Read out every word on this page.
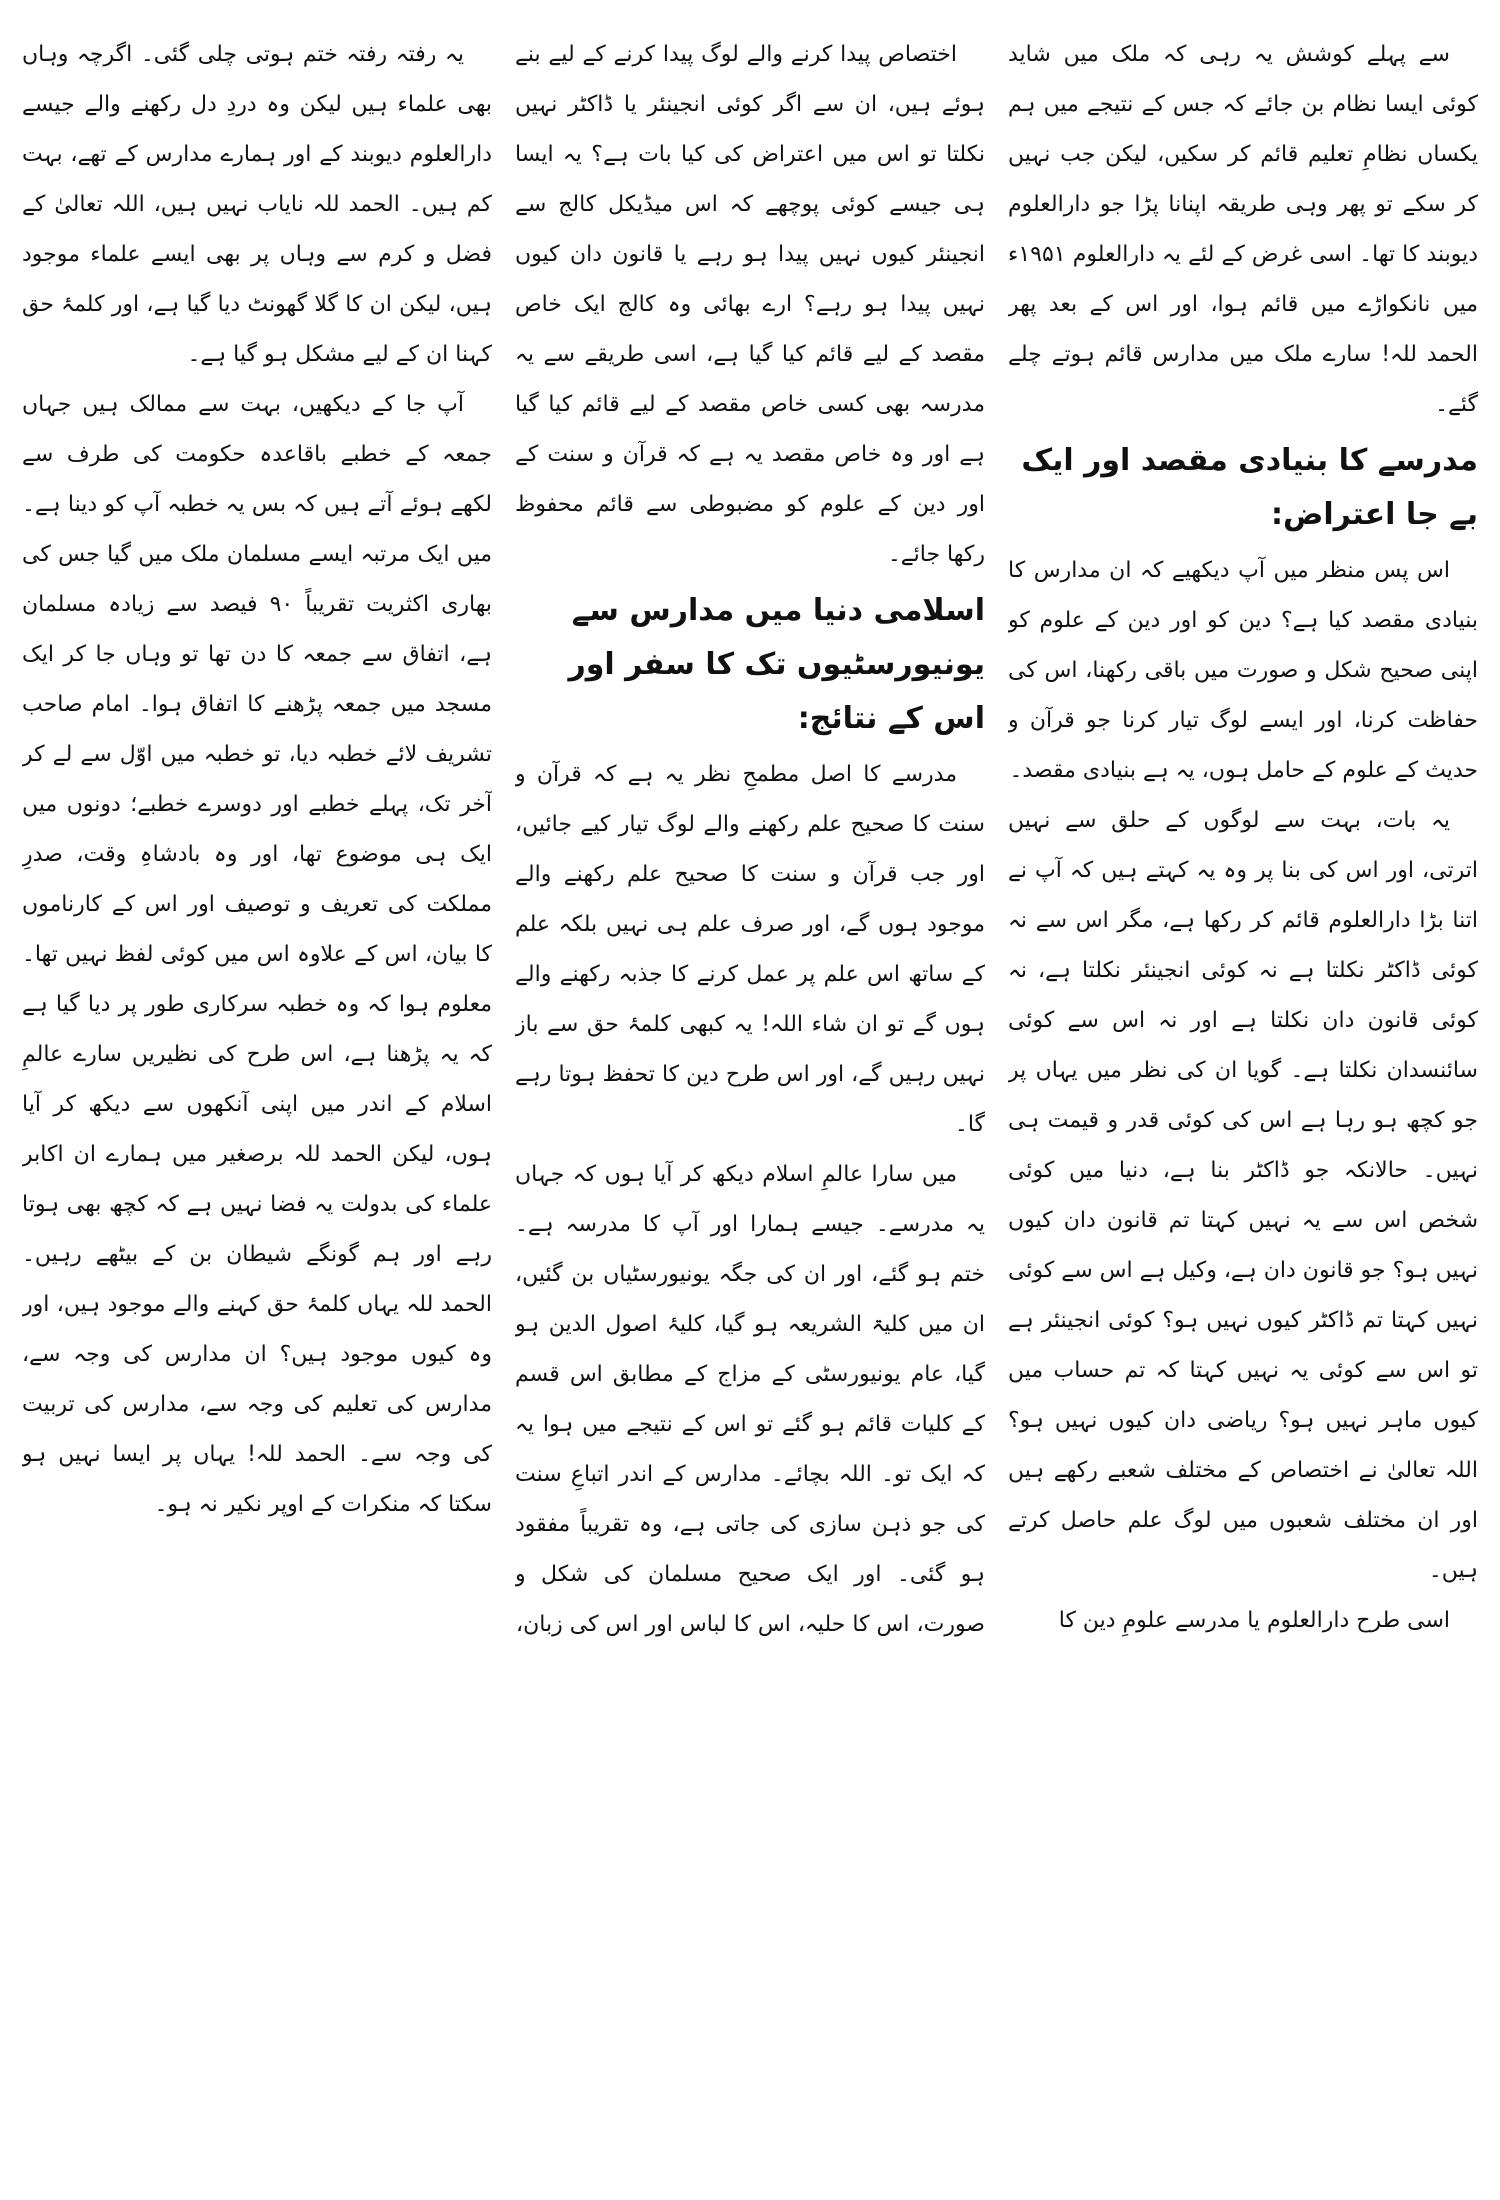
سے پہلے کوشش یہ رہی کہ ملک میں شاید کوئی ایسا نظام بن جائے کہ جس کے نتیجے میں ہم یکساں نظامِ تعلیم قائم کر سکیں، لیکن جب نہیں کر سکے تو پھر وہی طریقہ اپنانا پڑا جو دارالعلوم دیوبند کا تھا۔ اسی غرض کے لئے یہ دارالعلوم ۱۹۵۱ء میں نانکواڑے میں قائم ہوا، اور اس کے بعد پھر الحمد للہ! سارے ملک میں مدارس قائم ہوتے چلے گئے۔

مدرسے کا بنیادی مقصد اور ایک بے جا اعتراض:

اس پس منظر میں آپ دیکھیے کہ ان مدارس کا بنیادی مقصد کیا ہے؟ دین کو اور دین کے علوم کو اپنی صحیح شکل و صورت میں باقی رکھنا، اس کی حفاظت کرنا، اور ایسے لوگ تیار کرنا جو قرآن و حدیث کے علوم کے حامل ہوں، یہ ہے بنیادی مقصد۔

یہ بات، بہت سے لوگوں کے حلق سے نہیں اترتی، اور اس کی بنا پر وہ یہ کہتے ہیں کہ آپ نے اتنا بڑا دارالعلوم قائم کر رکھا ہے، مگر اس سے نہ کوئی ڈاکٹر نکلتا ہے نہ کوئی انجینئر نکلتا ہے، نہ کوئی قانون دان نکلتا ہے اور نہ اس سے کوئی سائنسدان نکلتا ہے۔ گویا ان کی نظر میں یہاں پر جو کچھ ہو رہا ہے اس کی کوئی قدر و قیمت ہی نہیں۔ حالانکہ جو ڈاکٹر بنا ہے، دنیا میں کوئی شخص اس سے یہ نہیں کہتا تم قانون دان کیوں نہیں ہو؟ جو قانون دان ہے، وکیل ہے اس سے کوئی نہیں کہتا تم ڈاکٹر کیوں نہیں ہو؟ کوئی انجینئر ہے تو اس سے کوئی یہ نہیں کہتا کہ تم حساب میں کیوں ماہر نہیں ہو؟ ریاضی دان کیوں نہیں ہو؟ اللہ تعالیٰ نے اختصاص کے مختلف شعبے رکھے ہیں اور ان مختلف شعبوں میں لوگ علم حاصل کرتے ہیں۔

اسی طرح دارالعلوم یا مدرسے علومِ دین کا

اختصاص پیدا کرنے والے لوگ پیدا کرنے کے لیے بنے ہوئے ہیں، ان سے اگر کوئی انجینئر یا ڈاکٹر نہیں نکلتا تو اس میں اعتراض کی کیا بات ہے؟ یہ ایسا ہی جیسے کوئی پوچھے کہ اس میڈیکل کالج سے انجینئر کیوں نہیں پیدا ہو رہے یا قانون دان کیوں نہیں پیدا ہو رہے؟ ارے بھائی وہ کالج ایک خاص مقصد کے لیے قائم کیا گیا ہے، اسی طریقے سے یہ مدرسہ بھی کسی خاص مقصد کے لیے قائم کیا گیا ہے اور وہ خاص مقصد یہ ہے کہ قرآن و سنت کے اور دین کے علوم کو مضبوطی سے قائم محفوظ رکھا جائے۔

اسلامی دنیا میں مدارس سے یونیورسٹیوں تک کا سفر اور اس کے نتائج:

مدرسے کا اصل مطمحِ نظر یہ ہے کہ قرآن و سنت کا صحیح علم رکھنے والے لوگ تیار کیے جائیں، اور جب قرآن و سنت کا صحیح علم رکھنے والے موجود ہوں گے، اور صرف علم ہی نہیں بلکہ علم کے ساتھ اس علم پر عمل کرنے کا جذبہ رکھنے والے ہوں گے تو ان شاء اللہ! یہ کبھی کلمۂ حق سے باز نہیں رہیں گے، اور اس طرح دین کا تحفظ ہوتا رہے گا۔

میں سارا عالمِ اسلام دیکھ کر آیا ہوں کہ جہاں یہ مدرسے۔ جیسے ہمارا اور آپ کا مدرسہ ہے۔ ختم ہو گئے، اور ان کی جگہ یونیورسٹیاں بن گئیں، ان میں کلیۃ الشریعہ ہو گیا، کلیۂ اصول الدین ہو گیا، عام یونیورسٹی کے مزاج کے مطابق اس قسم کے کلیات قائم ہو گئے تو اس کے نتیجے میں ہوا یہ کہ ایک تو۔ اللہ بچائے۔ مدارس کے اندر اتباعِ سنت کی جو ذہن سازی کی جاتی ہے، وہ تقریباً مفقود ہو گئی۔ اور ایک صحیح مسلمان کی شکل و صورت، اس کا حلیہ، اس کا لباس اور اس کی زبان،

یہ رفتہ رفتہ ختم ہوتی چلی گئی۔ اگرچہ وہاں بھی علماء ہیں لیکن وہ دردِ دل رکھنے والے جیسے دارالعلوم دیوبند کے اور ہمارے مدارس کے تھے، بہت کم ہیں۔ الحمد للہ نایاب نہیں ہیں، اللہ تعالیٰ کے فضل و کرم سے وہاں پر بھی ایسے علماء موجود ہیں، لیکن ان کا گلا گھونٹ دیا گیا ہے، اور کلمۂ حق کہنا ان کے لیے مشکل ہو گیا ہے۔

آپ جا کے دیکھیں، بہت سے ممالک ہیں جہاں جمعہ کے خطبے باقاعدہ حکومت کی طرف سے لکھے ہوئے آتے ہیں کہ بس یہ خطبہ آپ کو دینا ہے۔ میں ایک مرتبہ ایسے مسلمان ملک میں گیا جس کی بھاری اکثریت تقریباً ۹۰ فیصد سے زیادہ مسلمان ہے، اتفاق سے جمعہ کا دن تھا تو وہاں جا کر ایک مسجد میں جمعہ پڑھنے کا اتفاق ہوا۔ امام صاحب تشریف لائے خطبہ دیا، تو خطبہ میں اوّل سے لے کر آخر تک، پہلے خطبے اور دوسرے خطبے؛ دونوں میں ایک ہی موضوع تھا، اور وہ بادشاہِ وقت، صدرِ مملکت کی تعریف و توصیف اور اس کے کارناموں کا بیان، اس کے علاوہ اس میں کوئی لفظ نہیں تھا۔ معلوم ہوا کہ وہ خطبہ سرکاری طور پر دیا گیا ہے کہ یہ پڑھنا ہے، اس طرح کی نظیریں سارے عالمِ اسلام کے اندر میں اپنی آنکھوں سے دیکھ کر آیا ہوں، لیکن الحمد للہ برصغیر میں ہمارے ان اکابر علماء کی بدولت یہ فضا نہیں ہے کہ کچھ بھی ہوتا رہے اور ہم گونگے شیطان بن کے بیٹھے رہیں۔ الحمد للہ یہاں کلمۂ حق کہنے والے موجود ہیں، اور وہ کیوں موجود ہیں؟ ان مدارس کی وجہ سے، مدارس کی تعلیم کی وجہ سے، مدارس کی تربیت کی وجہ سے۔ الحمد للہ! یہاں پر ایسا نہیں ہو سکتا کہ منکرات کے اوپر نکیر نہ ہو۔
